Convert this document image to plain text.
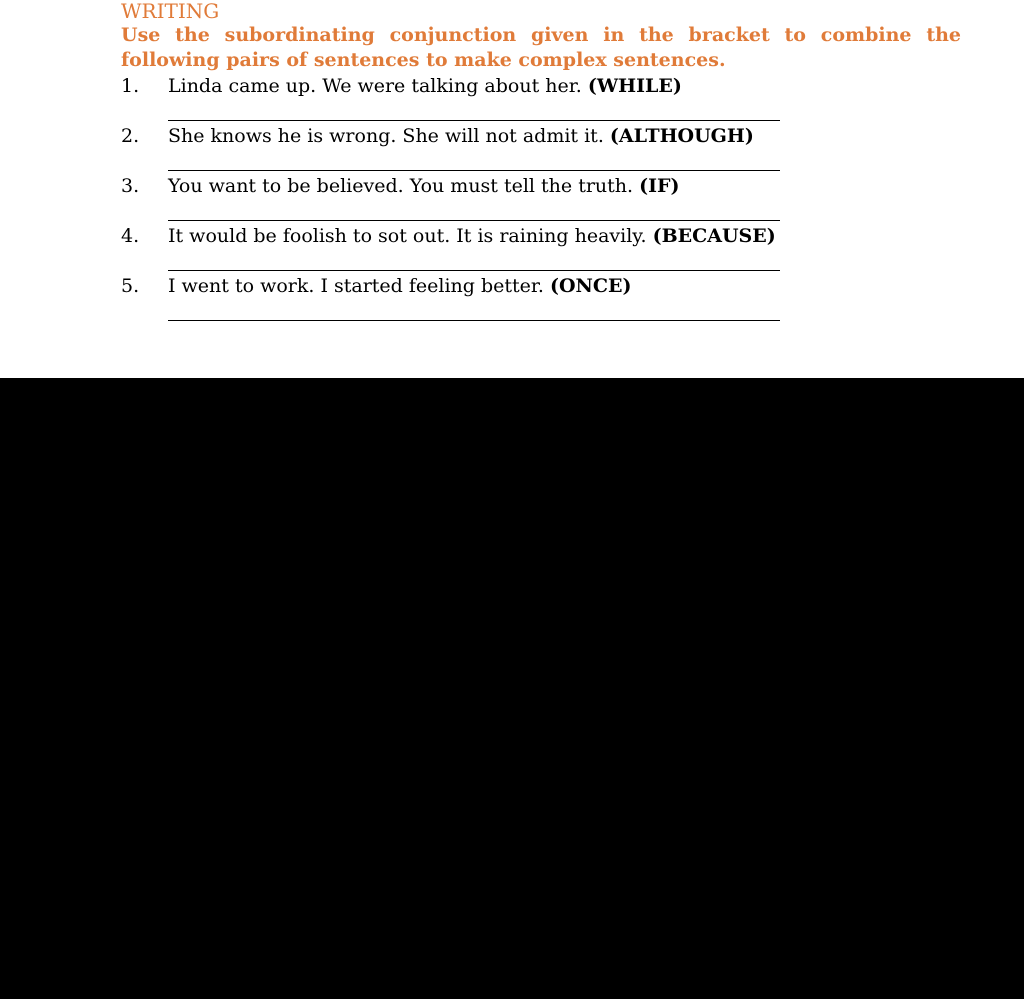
WRITING

Use the subordinating conjunction given in the bracket to combine the following pairs of sentences to make complex sentences.

1. Linda came up. We were talking about her. (WHILE)
2. She knows he is wrong. She will not admit it. (ALTHOUGH)
3. You want to be believed. You must tell the truth. (IF)
4. It would be foolish to sot out. It is raining heavily. (BECAUSE)
5. I went to work. I started feeling better. (ONCE)
